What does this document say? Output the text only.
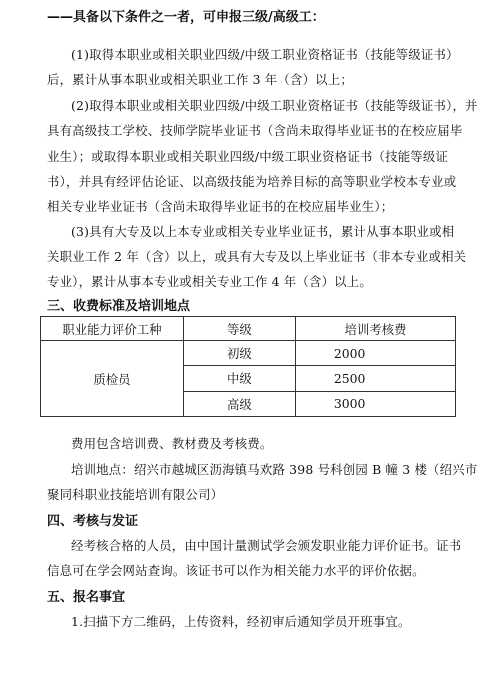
——具备以下条件之一者，可申报三级/高级工：
(1)取得本职业或相关职业四级/中级工职业资格证书（技能等级证书）
后，累计从事本职业或相关职业工作 3 年（含）以上；
(2)取得本职业或相关职业四级/中级工职业资格证书（技能等级证书），并
具有高级技工学校、技师学院毕业证书（含尚未取得毕业证书的在校应届毕
业生）；或取得本职业或相关职业四级/中级工职业资格证书（技能等级证
书），并具有经评估论证、以高级技能为培养目标的高等职业学校本专业或
相关专业毕业证书（含尚未取得毕业证书的在校应届毕业生）；
(3)具有大专及以上本专业或相关专业毕业证书，累计从事本职业或相
关职业工作 2 年（含）以上，或具有大专及以上毕业证书（非本专业或相关
专业），累计从事本专业或相关专业工作 4 年（含）以上。
三、收费标准及培训地点
职业能力评价工种	等级	培训考核费
质检员	初级	2000
	中级	2500
	高级	3000
费用包含培训费、教材费及考核费。
培训地点：绍兴市越城区沥海镇马欢路 398 号科创园 B 幢 3 楼（绍兴市
聚同科职业技能培训有限公司）
四、考核与发证
经考核合格的人员，由中国计量测试学会颁发职业能力评价证书。证书
信息可在学会网站查询。该证书可以作为相关能力水平的评价依据。
五、报名事宜
1.扫描下方二维码，上传资料，经初审后通知学员开班事宜。
